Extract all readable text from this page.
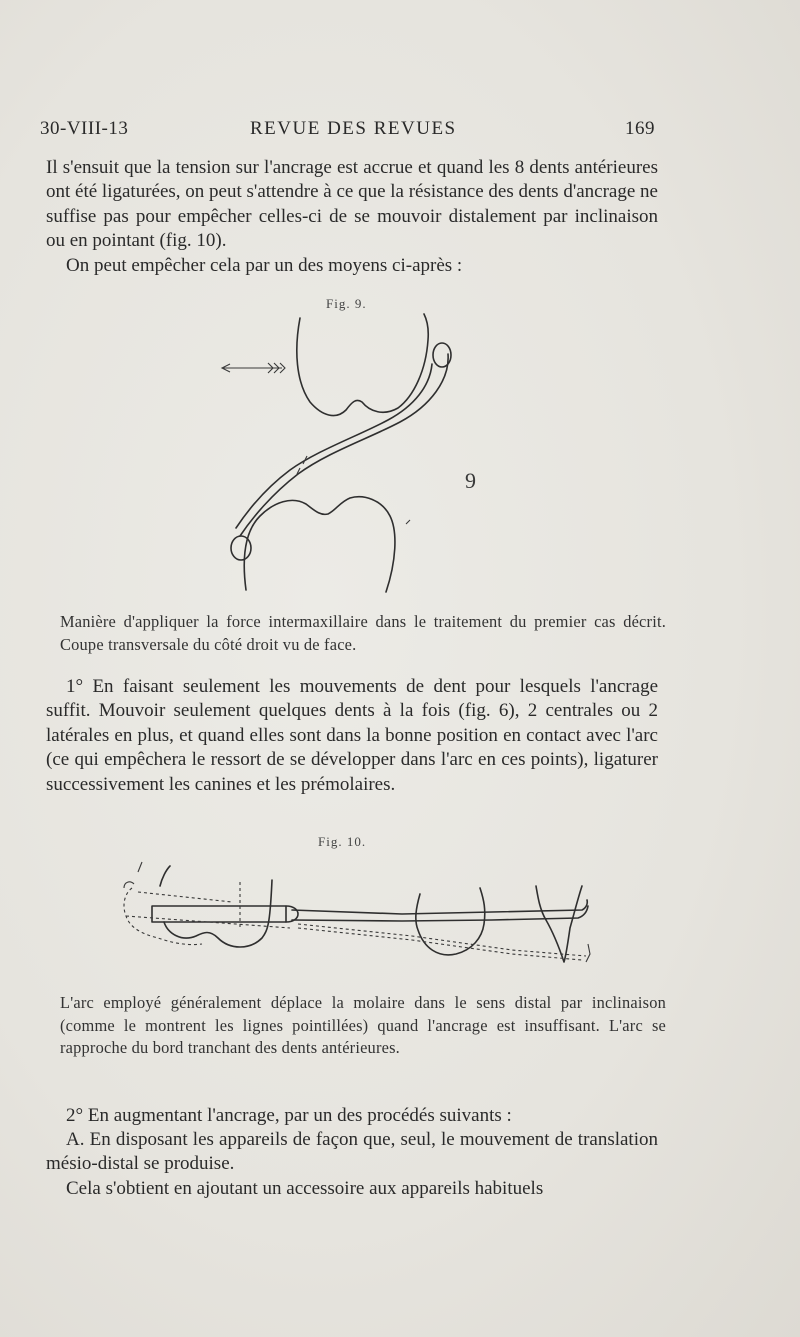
30-VIII-13	REVUE DES REVUES	169
Il s'ensuit que la tension sur l'ancrage est accrue et quand les 8 dents antérieures ont été ligaturées, on peut s'attendre à ce que la résistance des dents d'ancrage ne suffise pas pour empêcher celles-ci de se mouvoir distalement par inclinaison ou en pointant (fig. 10).
On peut empêcher cela par un des moyens ci-après :
Fig. 9.
9
Manière d'appliquer la force intermaxillaire dans le traitement du premier cas décrit. Coupe transversale du côté droit vu de face.
1° En faisant seulement les mouvements de dent pour lesquels l'ancrage suffit. Mouvoir seulement quelques dents à la fois (fig. 6), 2 centrales ou 2 latérales en plus, et quand elles sont dans la bonne position en contact avec l'arc (ce qui empêchera le ressort de se développer dans l'arc en ces points), ligaturer successivement les canines et les prémolaires.
Fig. 10.
L'arc employé généralement déplace la molaire dans le sens distal par inclinaison (comme le montrent les lignes pointillées) quand l'ancrage est insuffisant. L'arc se rapproche du bord tranchant des dents antérieures.
2° En augmentant l'ancrage, par un des procédés suivants :
A. En disposant les appareils de façon que, seul, le mouvement de translation mésio-distal se produise.
Cela s'obtient en ajoutant un accessoire aux appareils habituels
